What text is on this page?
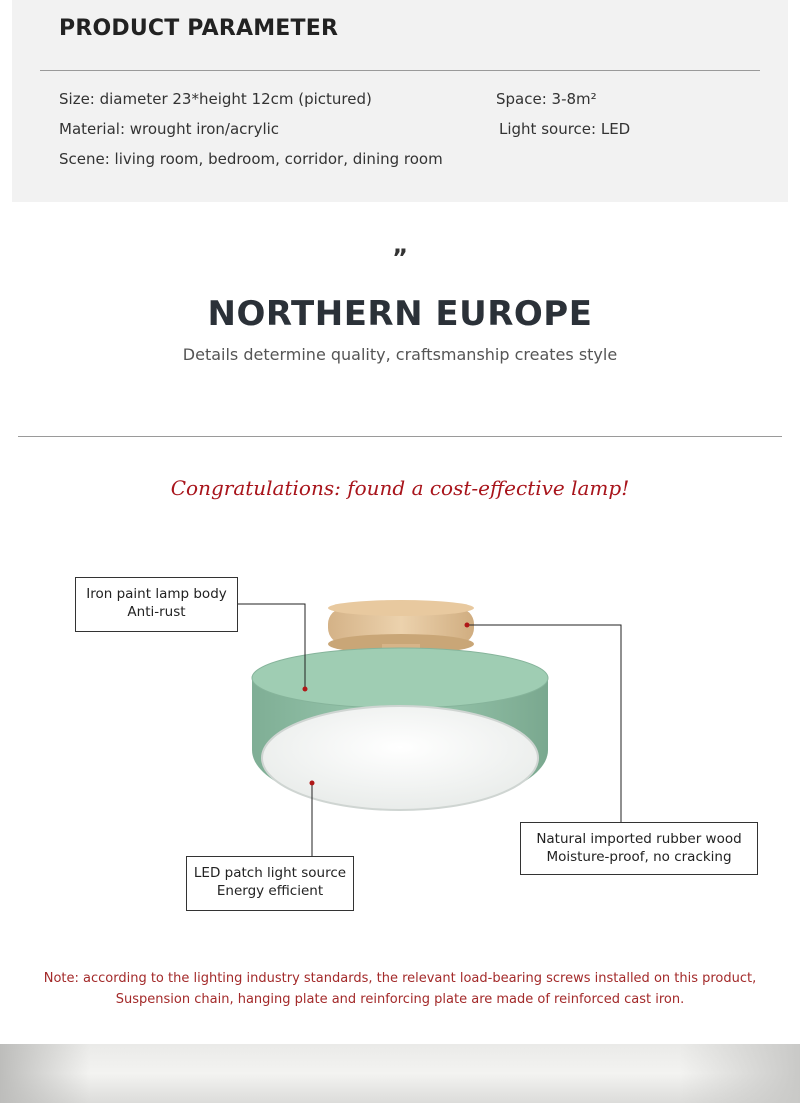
PRODUCT PARAMETER
Size: diameter 23*height 12cm (pictured)	Space: 3-8m²
Material: wrought iron/acrylic	Light source: LED
Scene: living room, bedroom, corridor, dining room
”
NORTHERN EUROPE
Details determine quality, craftsmanship creates style
Congratulations: found a cost-effective lamp!
Iron paint lamp body
Anti-rust
Natural imported rubber wood
Moisture-proof, no cracking
LED patch light source
Energy efficient
Note: according to the lighting industry standards, the relevant load-bearing screws installed on this product,
Suspension chain, hanging plate and reinforcing plate are made of reinforced cast iron.
